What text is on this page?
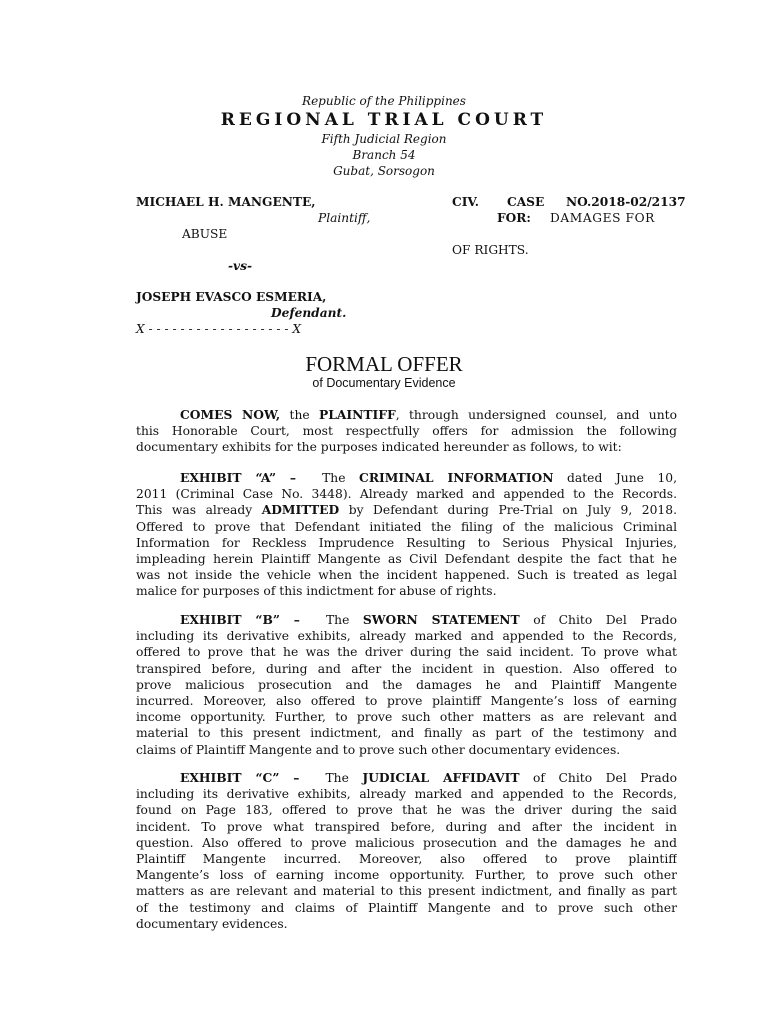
Republic of the Philippines
REGIONAL TRIAL COURT
Fifth Judicial Region
Branch 54
Gubat, Sorsogon
MICHAEL H. MANGENTE,
Plaintiff,
ABUSE
-vs-
JOSEPH EVASCO ESMERIA,
Defendant.
X - - - - - - - - - - - - - - - - - - X
CIV. CASE NO.2018-02/2137
FOR: DAMAGES FOR
OF RIGHTS.
FORMAL OFFER
of Documentary Evidence
COMES NOW, the PLAINTIFF, through undersigned counsel, and unto
this Honorable Court, most respectfully offers for admission the following
documentary exhibits for the purposes indicated hereunder as follows, to wit:
EXHIBIT “A” – The CRIMINAL INFORMATION dated June 10,
2011 (Criminal Case No. 3448). Already marked and appended to the Records.
This was already ADMITTED by Defendant during Pre-Trial on July 9, 2018.
Offered to prove that Defendant initiated the filing of the malicious Criminal
Information for Reckless Imprudence Resulting to Serious Physical Injuries,
impleading herein Plaintiff Mangente as Civil Defendant despite the fact that he
was not inside the vehicle when the incident happened. Such is treated as legal
malice for purposes of this indictment for abuse of rights.
EXHIBIT “B” – The SWORN STATEMENT of Chito Del Prado
including its derivative exhibits, already marked and appended to the Records,
offered to prove that he was the driver during the said incident. To prove what
transpired before, during and after the incident in question. Also offered to
prove malicious prosecution and the damages he and Plaintiff Mangente
incurred. Moreover, also offered to prove plaintiff Mangente’s loss of earning
income opportunity. Further, to prove such other matters as are relevant and
material to this present indictment, and finally as part of the testimony and
claims of Plaintiff Mangente and to prove such other documentary evidences.
EXHIBIT “C” – The JUDICIAL AFFIDAVIT of Chito Del Prado
including its derivative exhibits, already marked and appended to the Records,
found on Page 183, offered to prove that he was the driver during the said
incident. To prove what transpired before, during and after the incident in
question. Also offered to prove malicious prosecution and the damages he and
Plaintiff Mangente incurred. Moreover, also offered to prove plaintiff
Mangente’s loss of earning income opportunity. Further, to prove such other
matters as are relevant and material to this present indictment, and finally as part
of the testimony and claims of Plaintiff Mangente and to prove such other
documentary evidences.
